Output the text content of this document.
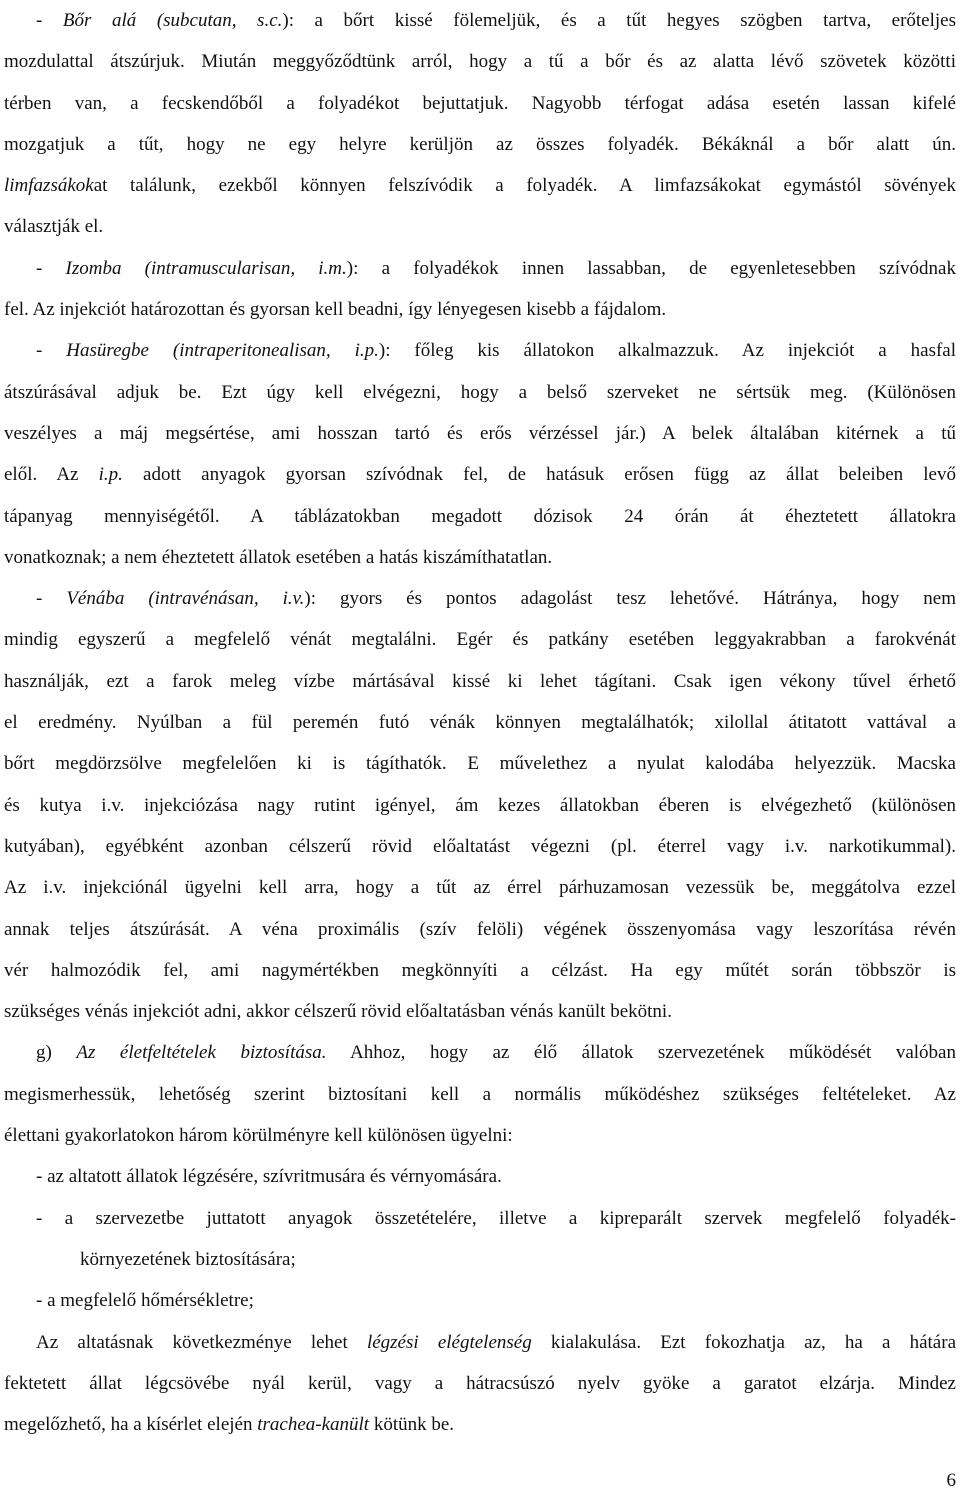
- Bőr alá (subcutan, s.c.): a bőrt kissé fölemeljük, és a tűt hegyes szögben tartva, erőteljes
mozdulattal átszúrjuk. Miután meggyőződtünk arról, hogy a tű a bőr és az alatta lévő szövetek közötti
térben van, a fecskendőből a folyadékot bejuttatjuk. Nagyobb térfogat adása esetén lassan kifelé
mozgatjuk a tűt, hogy ne egy helyre kerüljön az összes folyadék. Békáknál a bőr alatt ún.
limfazsákokat találunk, ezekből könnyen felszívódik a folyadék. A limfazsákokat egymástól sövények
választják el.
- Izomba (intramuscularisan, i.m.): a folyadékok innen lassabban, de egyenletesebben szívódnak
fel. Az injekciót határozottan és gyorsan kell beadni, így lényegesen kisebb a fájdalom.
- Hasüregbe (intraperitonealisan, i.p.): főleg kis állatokon alkalmazzuk. Az injekciót a hasfal
átszúrásával adjuk be. Ezt úgy kell elvégezni, hogy a belső szerveket ne sértsük meg. (Különösen
veszélyes a máj megsértése, ami hosszan tartó és erős vérzéssel jár.) A belek általában kitérnek a tű
elől. Az i.p. adott anyagok gyorsan szívódnak fel, de hatásuk erősen függ az állat beleiben levő
tápanyag mennyiségétől. A táblázatokban megadott dózisok 24 órán át éheztetett állatokra
vonatkoznak; a nem éheztetett állatok esetében a hatás kiszámíthatatlan.
- Vénába (intravénásan, i.v.): gyors és pontos adagolást tesz lehetővé. Hátránya, hogy nem
mindig egyszerű a megfelelő vénát megtalálni. Egér és patkány esetében leggyakrabban a farokvénát
használják, ezt a farok meleg vízbe mártásával kissé ki lehet tágítani. Csak igen vékony tűvel érhető
el eredmény. Nyúlban a fül peremén futó vénák könnyen megtalálhatók; xilollal átitatott vattával a
bőrt megdörzsölve megfelelően ki is tágíthatók. E művelethez a nyulat kalodába helyezzük. Macska
és kutya i.v. injekciózása nagy rutint igényel, ám kezes állatokban éberen is elvégezhető (különösen
kutyában), egyébként azonban célszerű rövid előaltatást végezni (pl. éterrel vagy i.v. narkotikummal).
Az i.v. injekciónál ügyelni kell arra, hogy a tűt az érrel párhuzamosan vezessük be, meggátolva ezzel
annak teljes átszúrását. A véna proximális (szív felöli) végének összenyomása vagy leszorítása révén
vér halmozódik fel, ami nagymértékben megkönnyíti a célzást. Ha egy műtét során többször is
szükséges vénás injekciót adni, akkor célszerű rövid előaltatásban vénás kanült bekötni.
g) Az életfeltételek biztosítása. Ahhoz, hogy az élő állatok szervezetének működését valóban
megismerhessük, lehetőség szerint biztosítani kell a normális működéshez szükséges feltételeket. Az
élettani gyakorlatokon három körülményre kell különösen ügyelni:
- az altatott állatok légzésére, szívritmusára és vérnyomására.
- a szervezetbe juttatott anyagok összetételére, illetve a kipreparált szervek megfelelő folyadék-
környezetének biztosítására;
- a megfelelő hőmérsékletre;
Az altatásnak következménye lehet légzési elégtelenség kialakulása. Ezt fokozhatja az, ha a hátára
fektetett állat légcsövébe nyál kerül, vagy a hátracsúszó nyelv gyöke a garatot elzárja. Mindez
megelőzhető, ha a kísérlet elején trachea-kanült kötünk be.
6
